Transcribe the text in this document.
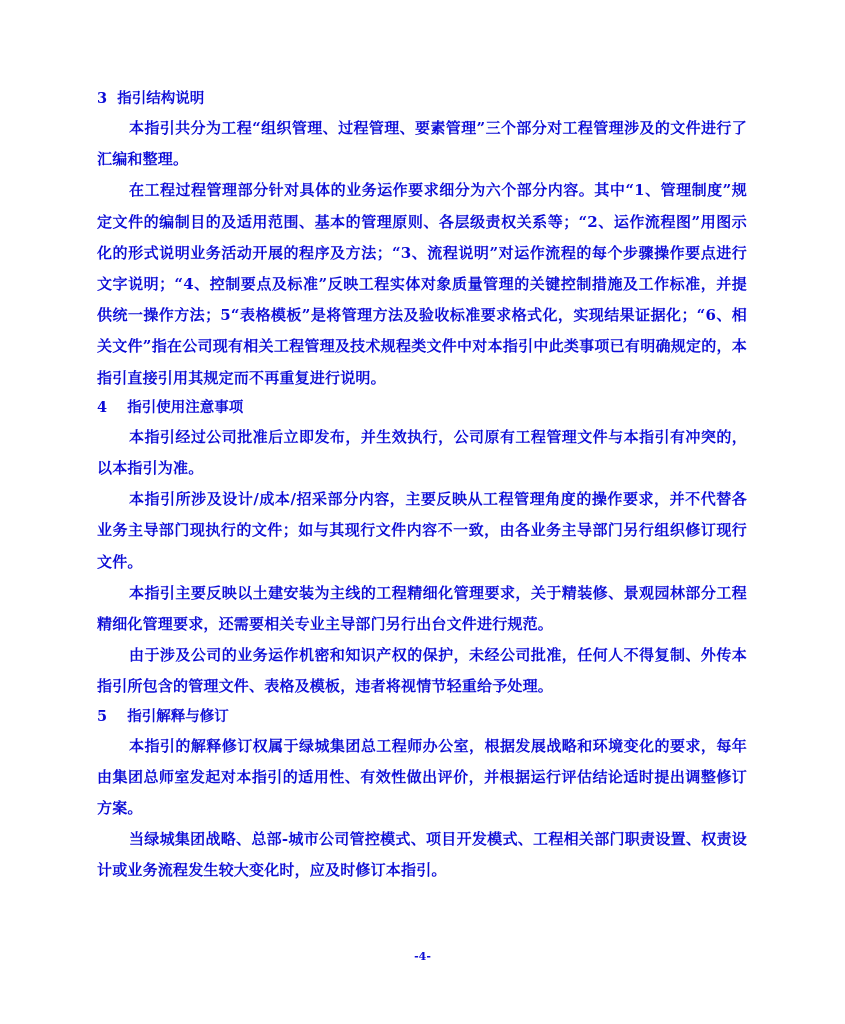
3 指引结构说明

本指引共分为工程“组织管理、过程管理、要素管理”三个部分对工程管理涉及的文件进行了汇编和整理。

在工程过程管理部分针对具体的业务运作要求细分为六个部分内容。其中“1、管理制度”规定文件的编制目的及适用范围、基本的管理原则、各层级责权关系等；“2、运作流程图”用图示化的形式说明业务活动开展的程序及方法；“3、流程说明”对运作流程的每个步骤操作要点进行文字说明；“4、控制要点及标准”反映工程实体对象质量管理的关键控制措施及工作标准，并提供统一操作方法；5“表格模板”是将管理方法及验收标准要求格式化，实现结果证据化；“6、相关文件”指在公司现有相关工程管理及技术规程类文件中对本指引中此类事项已有明确规定的，本指引直接引用其规定而不再重复进行说明。

4 指引使用注意事项

本指引经过公司批准后立即发布，并生效执行，公司原有工程管理文件与本指引有冲突的，以本指引为准。

本指引所涉及设计/成本/招采部分内容，主要反映从工程管理角度的操作要求，并不代替各业务主导部门现执行的文件；如与其现行文件内容不一致，由各业务主导部门另行组织修订现行文件。

本指引主要反映以土建安装为主线的工程精细化管理要求，关于精装修、景观园林部分工程精细化管理要求，还需要相关专业主导部门另行出台文件进行规范。

由于涉及公司的业务运作机密和知识产权的保护，未经公司批准，任何人不得复制、外传本指引所包含的管理文件、表格及模板，违者将视情节轻重给予处理。

5 指引解释与修订

本指引的解释修订权属于绿城集团总工程师办公室，根据发展战略和环境变化的要求，每年由集团总师室发起对本指引的适用性、有效性做出评价，并根据运行评估结论适时提出调整修订方案。

当绿城集团战略、总部-城市公司管控模式、项目开发模式、工程相关部门职责设置、权责设计或业务流程发生较大变化时，应及时修订本指引。

-4-
